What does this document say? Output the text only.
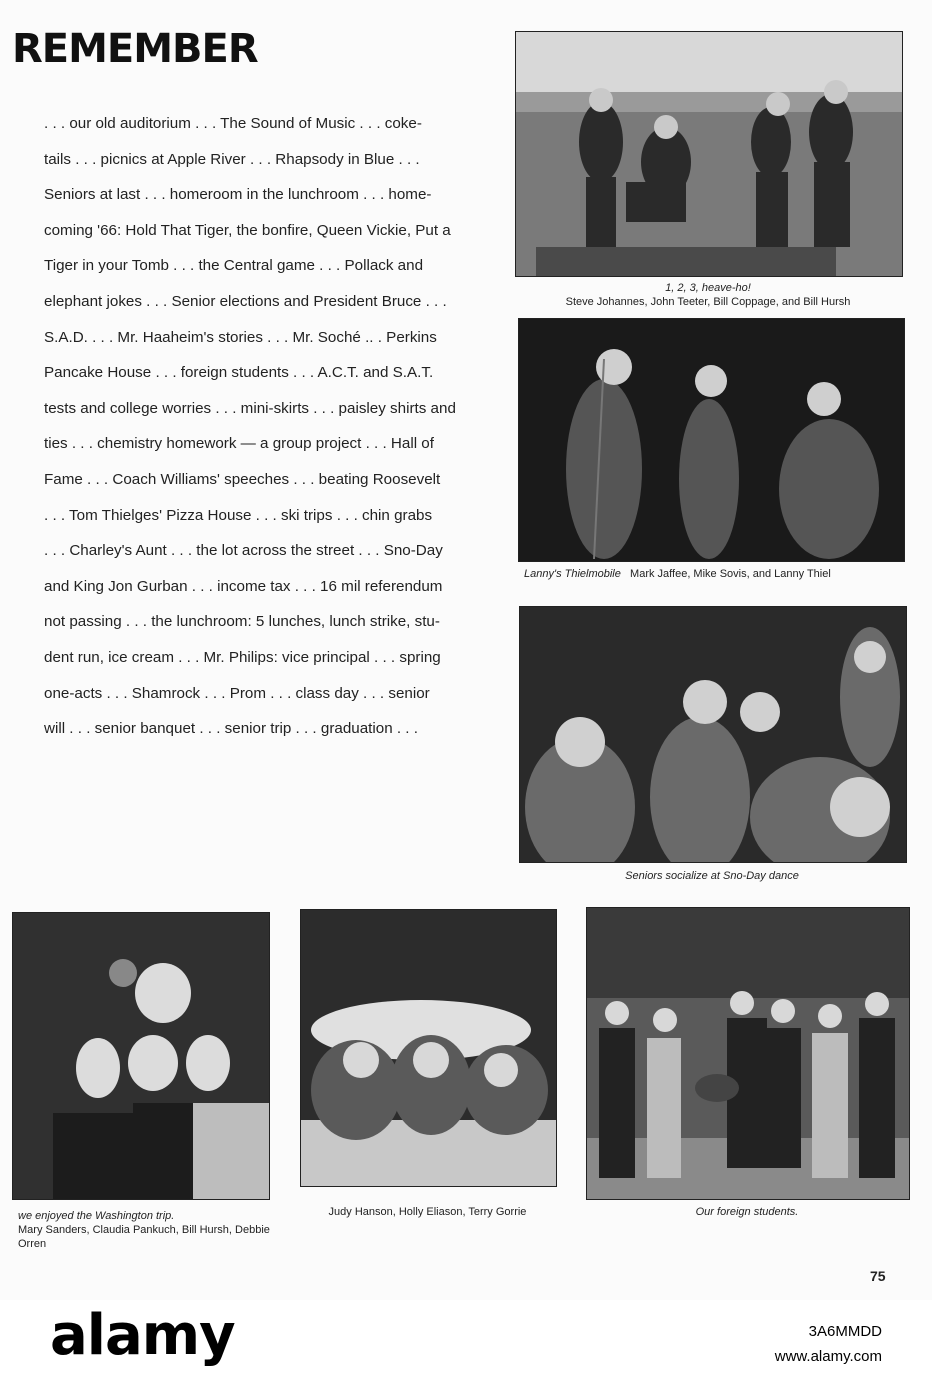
REMEMBER

. . . our old auditorium . . . The Sound of Music . . . coke-

tails . . . picnics at Apple River . . . Rhapsody in Blue . . .

Seniors at last . . . homeroom in the lunchroom . . . home-

coming '66: Hold That Tiger, the bonfire, Queen Vickie, Put a

Tiger in your Tomb . . . the Central game . . . Pollack and

elephant jokes . . . Senior elections and President Bruce . . .

S.A.D. . . . Mr. Haaheim's stories . . . Mr. Soché .. . Perkins

Pancake House . . . foreign students . . . A.C.T. and S.A.T.

tests and college worries . . . mini-skirts . . . paisley shirts and

ties . . . chemistry homework — a group project . . . Hall of

Fame . . . Coach Williams' speeches . . . beating Roosevelt

. . . Tom Thielges' Pizza House . . . ski trips . . . chin grabs

. . . Charley's Aunt . . . the lot across the street . . . Sno-Day

and King Jon Gurban . . . income tax . . . 16 mil referendum

not passing . . . the lunchroom: 5 lunches, lunch strike, stu-

dent run, ice cream . . . Mr. Philips: vice principal . . . spring

one-acts . . . Shamrock . . . Prom . . . class day . . . senior

will . . . senior banquet . . . senior trip . . . graduation . . .

1, 2, 3, heave-ho!
Steve Johannes, John Teeter, Bill Coppage, and Bill Hursh
Lanny's Thielmobile Mark Jaffee, Mike Sovis, and Lanny Thiel
Seniors socialize at Sno-Day dance
we enjoyed the Washington trip.
Mary Sanders, Claudia Pankuch, Bill Hursh, Debbie Orren
Judy Hanson, Holly Eliason, Terry Gorrie	Our foreign students.
75
alamy	3A6MMDD
www.alamy.com
